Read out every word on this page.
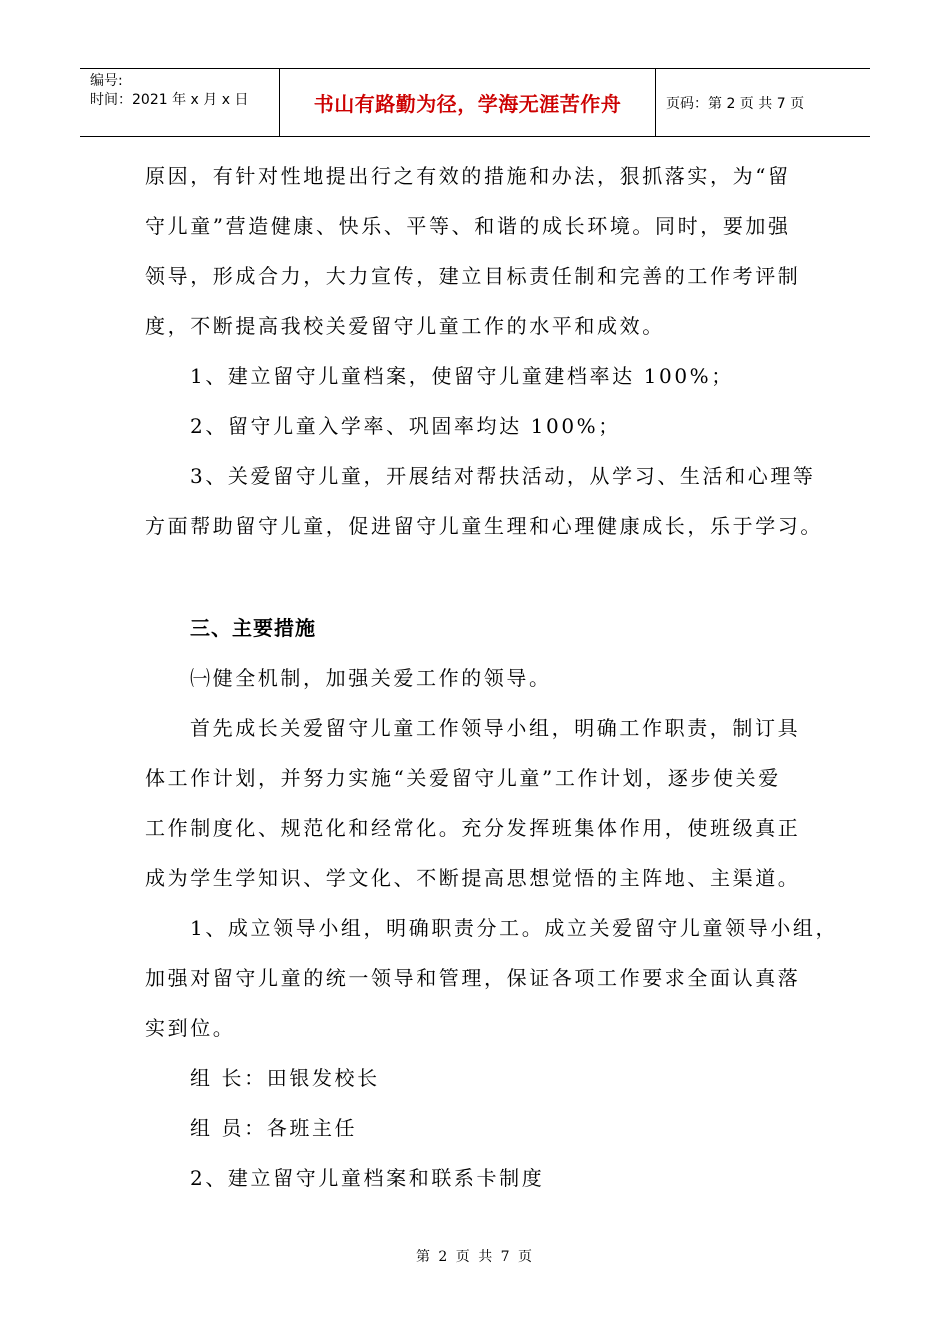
编号:
时间：2021 年 x 月 x 日	书山有路勤为径，学海无涯苦作舟	页码：第 2 页 共 7 页
原因，有针对性地提出行之有效的措施和办法，狠抓落实，为“留
守儿童”营造健康、快乐、平等、和谐的成长环境。同时，要加强
领导，形成合力，大力宣传，建立目标责任制和完善的工作考评制
度，不断提高我校关爱留守儿童工作的水平和成效。
1、建立留守儿童档案，使留守儿童建档率达 100%；
2、留守儿童入学率、巩固率均达 100%；
3、关爱留守儿童，开展结对帮扶活动，从学习、生活和心理等
方面帮助留守儿童，促进留守儿童生理和心理健康成长，乐于学习。
三、主要措施
㈠健全机制，加强关爱工作的领导。
首先成长关爱留守儿童工作领导小组，明确工作职责，制订具
体工作计划，并努力实施“关爱留守儿童”工作计划，逐步使关爱
工作制度化、规范化和经常化。充分发挥班集体作用，使班级真正
成为学生学知识、学文化、不断提高思想觉悟的主阵地、主渠道。
1、成立领导小组，明确职责分工。成立关爱留守儿童领导小组，
加强对留守儿童的统一领导和管理，保证各项工作要求全面认真落
实到位。
组 长：田银发校长
组 员：各班主任
2、建立留守儿童档案和联系卡制度
第 2 页 共 7 页
